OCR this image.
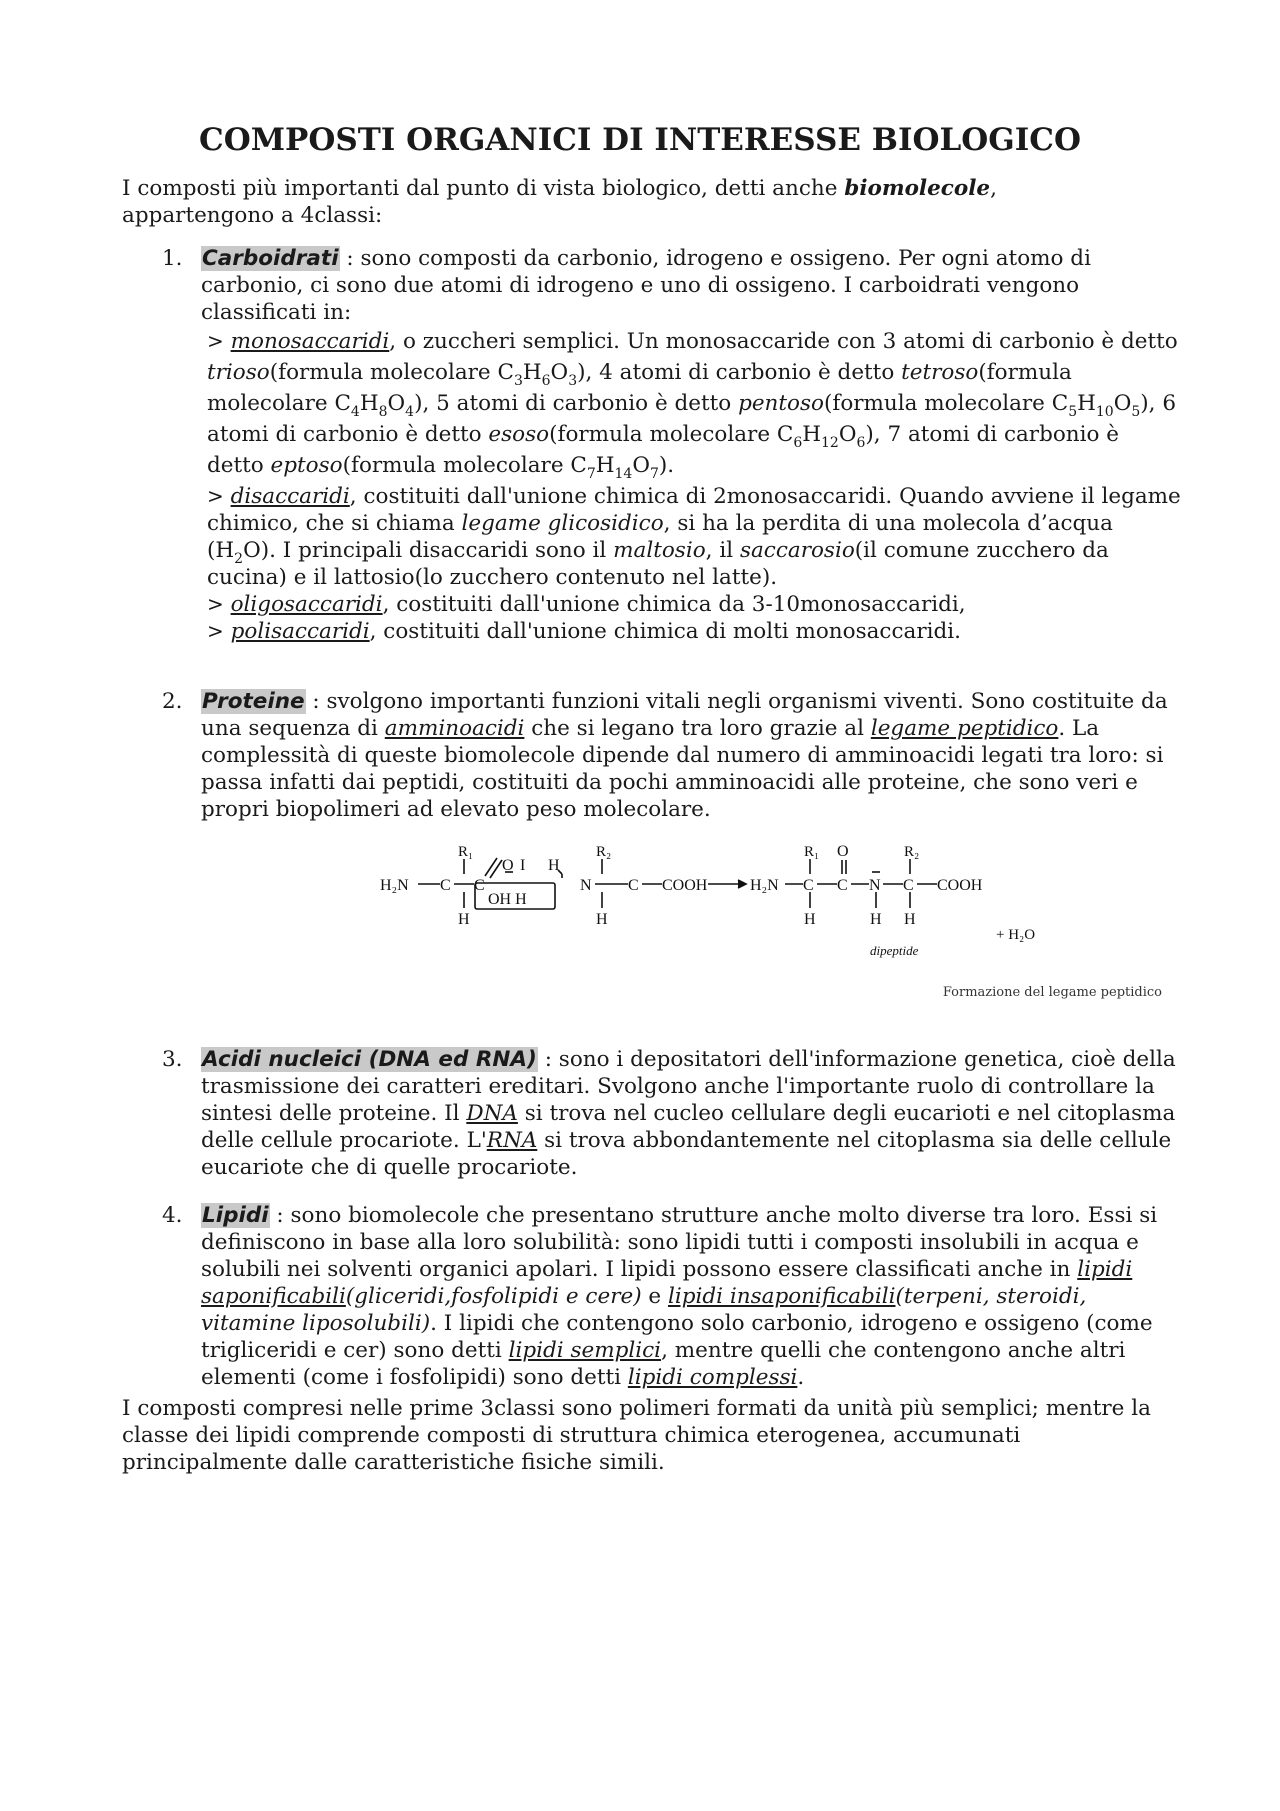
COMPOSTI ORGANICI DI INTERESSE BIOLOGICO

I composti più importanti dal punto di vista biologico, detti anche biomolecole,
appartengono a 4classi:

1. Carboidrati : sono composti da carbonio, idrogeno e ossigeno. Per ogni atomo di carbonio, ci sono due atomi di idrogeno e uno di ossigeno. I carboidrati vengono classificati in:

> monosaccaridi, o zuccheri semplici. Un monosaccaride con 3 atomi di carbonio è detto trioso(formula molecolare $C_3H_6O_3$), 4 atomi di carbonio è detto tetroso(formula molecolare $C_4H_8O_4$), 5 atomi di carbonio è detto pentoso(formula molecolare $C_5H_{10}O_5$), 6 atomi di carbonio è detto esoso(formula molecolare $C_6H_{12}O_6$), 7 atomi di carbonio è detto eptoso(formula molecolare $C_7H_{14}O_7$).

> disaccaridi, costituiti dall'unione chimica di 2monosaccaridi. Quando avviene il legame chimico, che si chiama legame glicosidico, si ha la perdita di una molecola d’acqua $(H_2O)$. I principali disaccaridi sono il maltosio, il saccarosio(il comune zucchero da cucina) e il lattosio(lo zucchero contenuto nel latte).

> oligosaccaridi, costituiti dall'unione chimica da 3-10monosaccaridi,

> polisaccaridi, costituiti dall'unione chimica di molti monosaccaridi.

2. Proteine : svolgono importanti funzioni vitali negli organismi viventi. Sono costituite da una sequenza di amminoacidi che si legano tra loro grazie al legame peptidico. La complessità di queste biomolecole dipende dal numero di amminoacidi legati tra loro: si passa infatti dai peptidi, costituiti da pochi amminoacidi alle proteine, che sono veri e propri biopolimeri ad elevato peso molecolare.

R₁
H₂N C C
H
O I
OH H
H
N
R₂
C COOH
H
H₂N C
R₁
H
C
O
N
H
C
R₂
H
COOH
dipeptide
+ H₂O
Formazione del legame peptidico
3. Acidi nucleici (DNA ed RNA) : sono i depositatori dell'informazione genetica, cioè della trasmissione dei caratteri ereditari. Svolgono anche l'importante ruolo di controllare la sintesi delle proteine. Il DNA si trova nel cucleo cellulare degli eucarioti e nel citoplasma delle cellule procariote. L'RNA si trova abbondantemente nel citoplasma sia delle cellule eucariote che di quelle procariote.

4. Lipidi : sono biomolecole che presentano strutture anche molto diverse tra loro. Essi si definiscono in base alla loro solubilità: sono lipidi tutti i composti insolubili in acqua e solubili nei solventi organici apolari. I lipidi possono essere classificati anche in lipidi saponificabili(gliceridi,fosfolipidi e cere) e lipidi insaponificabili(terpeni, steroidi, vitamine liposolubili). I lipidi che contengono solo carbonio, idrogeno e ossigeno (come trigliceridi e cer) sono detti lipidi semplici, mentre quelli che contengono anche altri elementi (come i fosfolipidi) sono detti lipidi complessi.

I composti compresi nelle prime 3classi sono polimeri formati da unità più semplici; mentre la classe dei lipidi comprende composti di struttura chimica eterogenea, accumunati principalmente dalle caratteristiche fisiche simili.
